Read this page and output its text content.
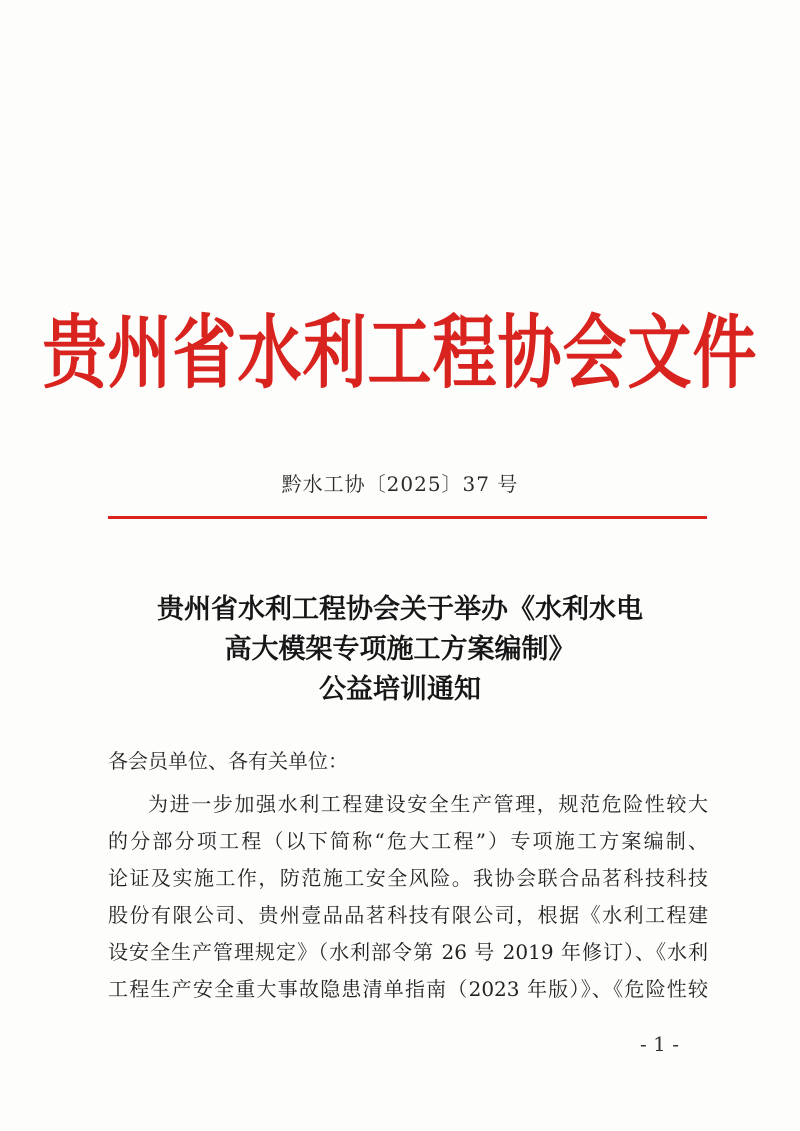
贵州省水利工程协会文件
黔水工协〔2025〕37 号
贵州省水利工程协会关于举办《水利水电
高大模架专项施工方案编制》
公益培训通知
各会员单位、各有关单位：
为进一步加强水利工程建设安全生产管理，规范危险性较大
的分部分项工程（以下简称“危大工程”）专项施工方案编制、
论证及实施工作，防范施工安全风险。我协会联合品茗科技科技
股份有限公司、贵州壹品品茗科技有限公司，根据《水利工程建
设安全生产管理规定》（水利部令第 26 号 2019 年修订）、《水利
工程生产安全重大事故隐患清单指南（2023 年版）》、《危险性较
- 1 -
